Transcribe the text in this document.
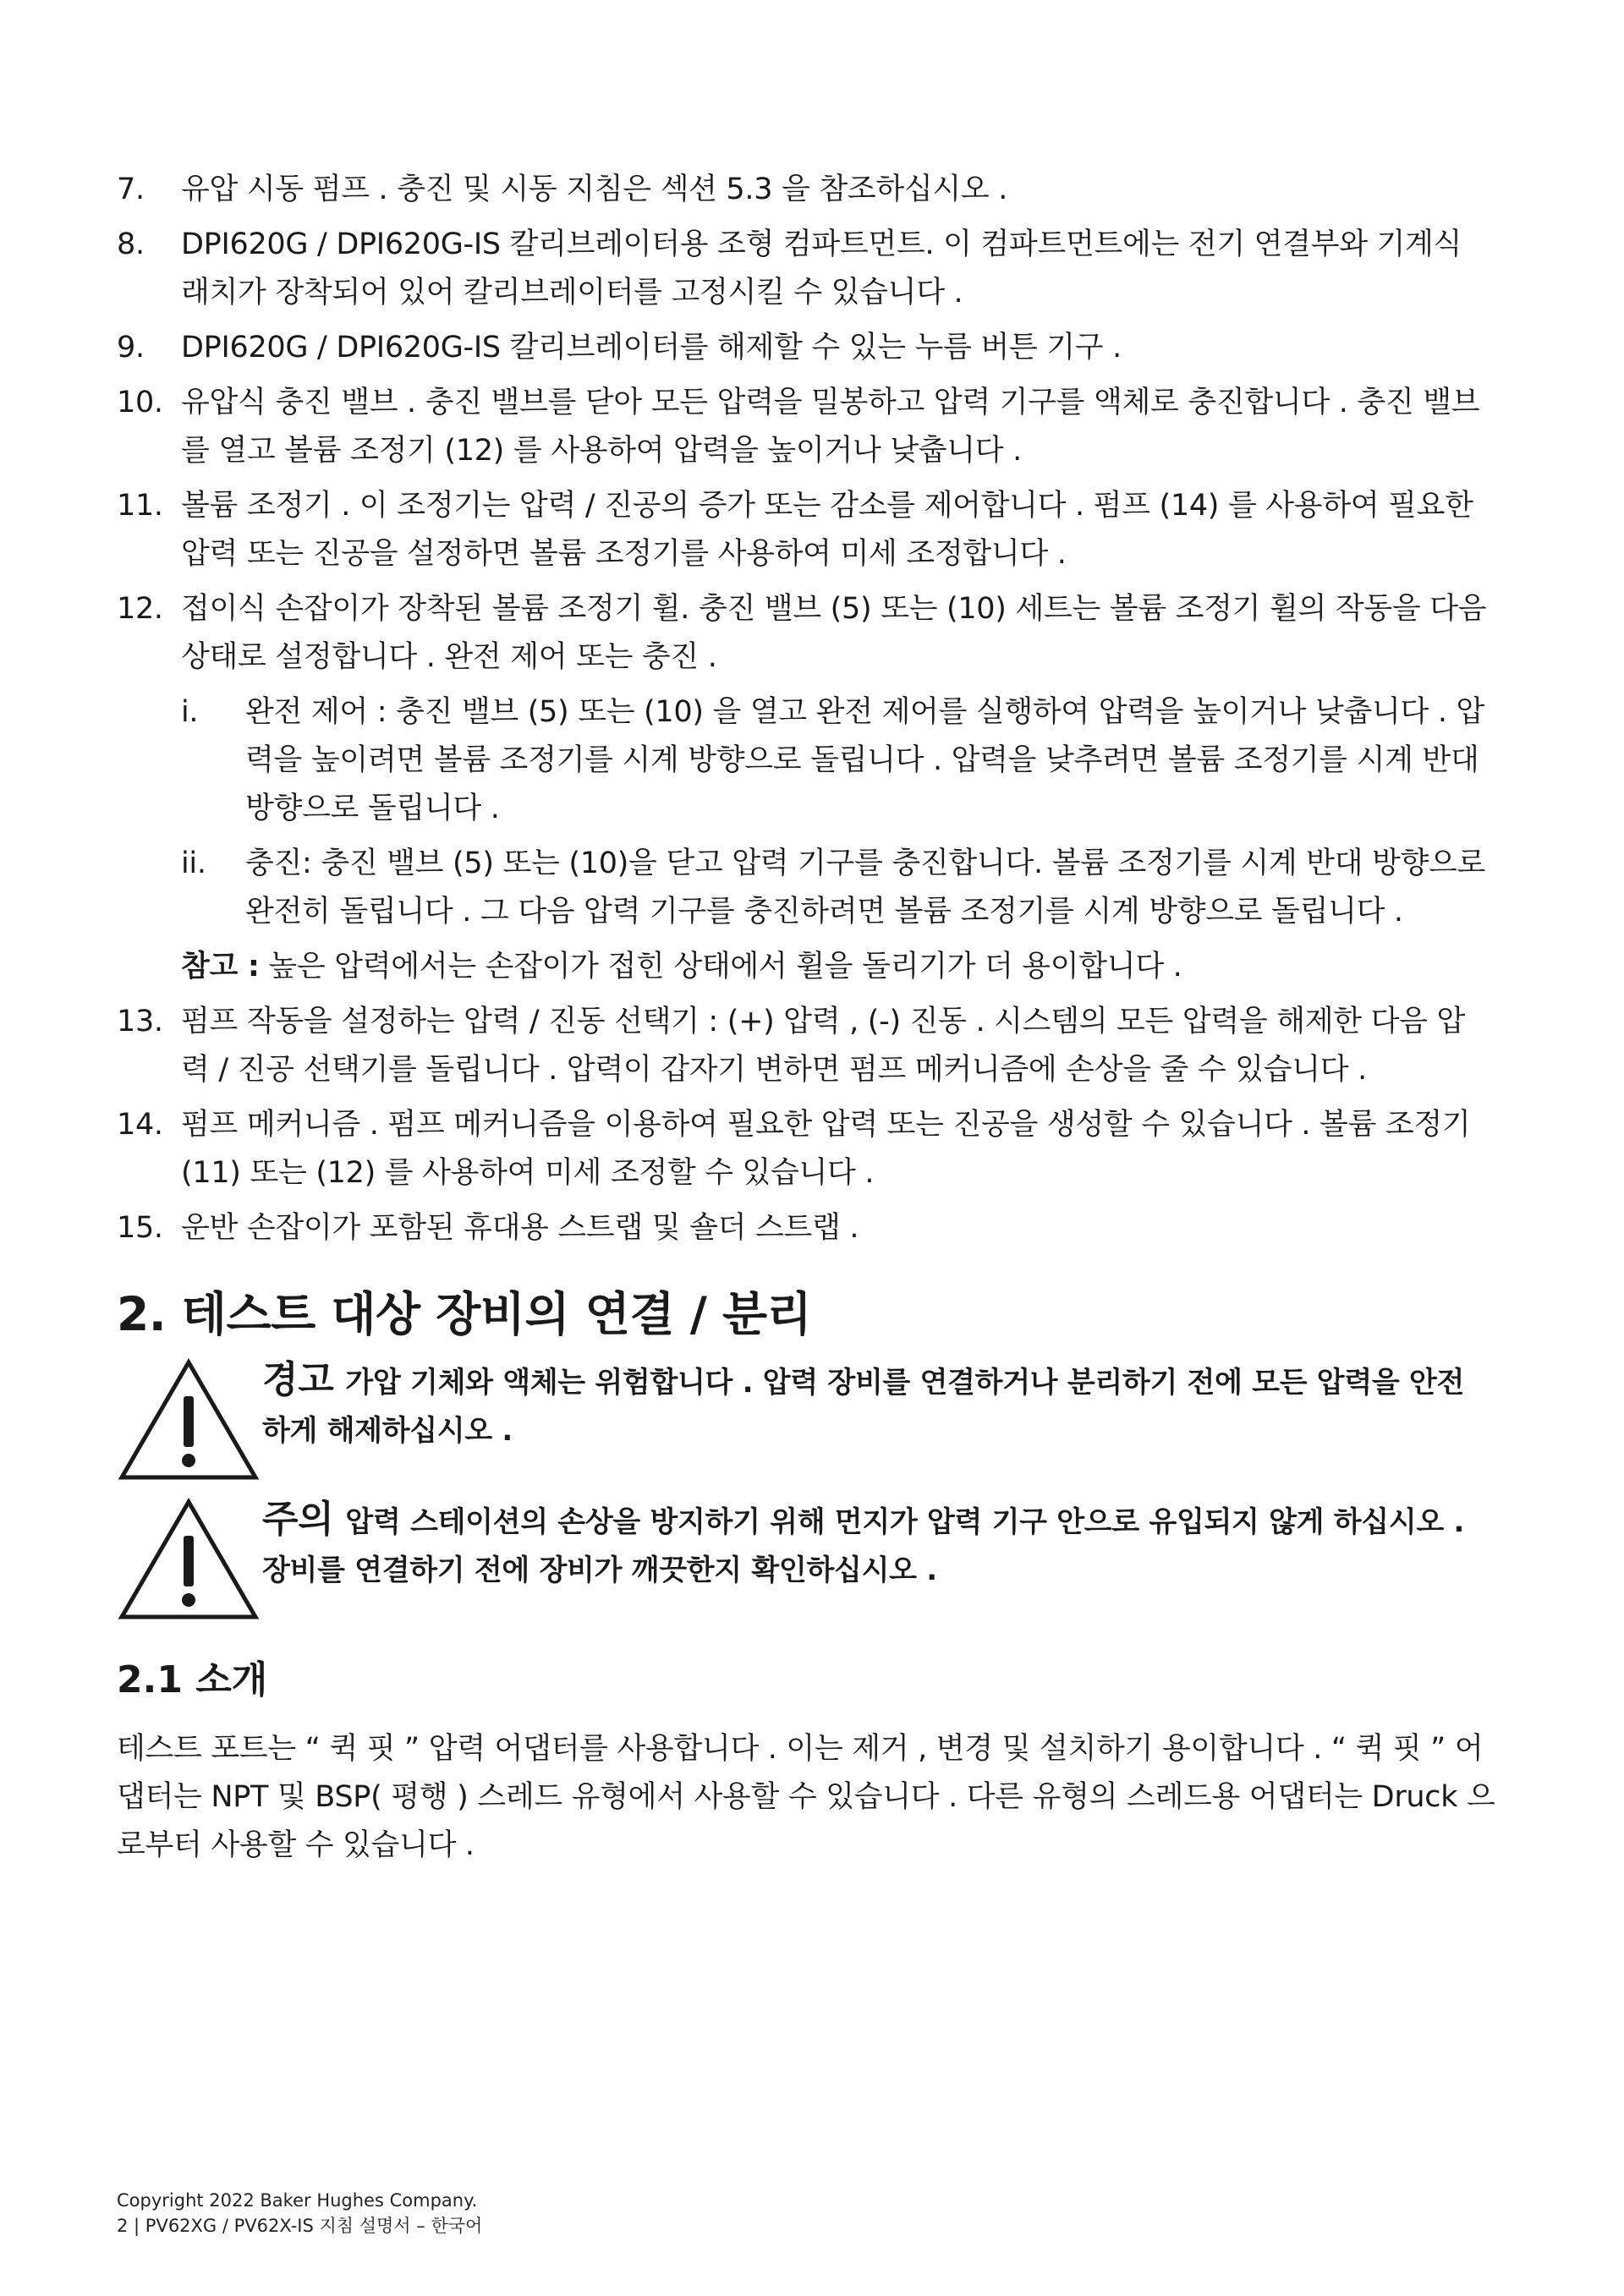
7. 유압 시동 펌프 . 충진 및 시동 지침은 섹션 5.3 을 참조하십시오 .
8. DPI620G / DPI620G-IS 칼리브레이터용 조형 컴파트먼트. 이 컴파트먼트에는 전기 연결부와 기계식 래치가 장착되어 있어 칼리브레이터를 고정시킬 수 있습니다 .
9. DPI620G / DPI620G-IS 칼리브레이터를 해제할 수 있는 누름 버튼 기구 .
10. 유압식 충진 밸브 . 충진 밸브를 닫아 모든 압력을 밀봉하고 압력 기구를 액체로 충진합니다 . 충진 밸브를 열고 볼륨 조정기 (12) 를 사용하여 압력을 높이거나 낮춥니다 .
11. 볼륨 조정기 . 이 조정기는 압력 / 진공의 증가 또는 감소를 제어합니다 . 펌프 (14) 를 사용하여 필요한 압력 또는 진공을 설정하면 볼륨 조정기를 사용하여 미세 조정합니다 .
12. 접이식 손잡이가 장착된 볼륨 조정기 휠. 충진 밸브 (5) 또는 (10) 세트는 볼륨 조정기 휠의 작동을 다음 상태로 설정합니다 . 완전 제어 또는 충진 .
i. 완전 제어 : 충진 밸브 (5) 또는 (10) 을 열고 완전 제어를 실행하여 압력을 높이거나 낮춥니다 . 압력을 높이려면 볼륨 조정기를 시계 방향으로 돌립니다 . 압력을 낮추려면 볼륨 조정기를 시계 반대 방향으로 돌립니다 .
ii. 충진: 충진 밸브 (5) 또는 (10)을 닫고 압력 기구를 충진합니다. 볼륨 조정기를 시계 반대 방향으로 완전히 돌립니다 . 그 다음 압력 기구를 충진하려면 볼륨 조정기를 시계 방향으로 돌립니다 .
참고 : 높은 압력에서는 손잡이가 접힌 상태에서 휠을 돌리기가 더 용이합니다 .
13. 펌프 작동을 설정하는 압력 / 진동 선택기 : (+) 압력 , (-) 진동 . 시스템의 모든 압력을 해제한 다음 압력 / 진공 선택기를 돌립니다 . 압력이 갑자기 변하면 펌프 메커니즘에 손상을 줄 수 있습니다 .
14. 펌프 메커니즘 . 펌프 메커니즘을 이용하여 필요한 압력 또는 진공을 생성할 수 있습니다 . 볼륨 조정기 (11) 또는 (12) 를 사용하여 미세 조정할 수 있습니다 .
15. 운반 손잡이가 포함된 휴대용 스트랩 및 숄더 스트랩 .
2. 테스트 대상 장비의 연결 / 분리
경고 가압 기체와 액체는 위험합니다 . 압력 장비를 연결하거나 분리하기 전에 모든 압력을 안전하게 해제하십시오 .
주의 압력 스테이션의 손상을 방지하기 위해 먼지가 압력 기구 안으로 유입되지 않게 하십시오 . 장비를 연결하기 전에 장비가 깨끗한지 확인하십시오 .
2.1 소개

테스트 포트는 “ 퀵 핏 ” 압력 어댑터를 사용합니다 . 이는 제거 , 변경 및 설치하기 용이합니다 . “ 퀵 핏 ” 어댑터는 NPT 및 BSP( 평행 ) 스레드 유형에서 사용할 수 있습니다 . 다른 유형의 스레드용 어댑터는 Druck 으로부터 사용할 수 있습니다 .

Copyright 2022 Baker Hughes Company.
2 | PV62XG / PV62X-IS 지침 설명서 – 한국어
